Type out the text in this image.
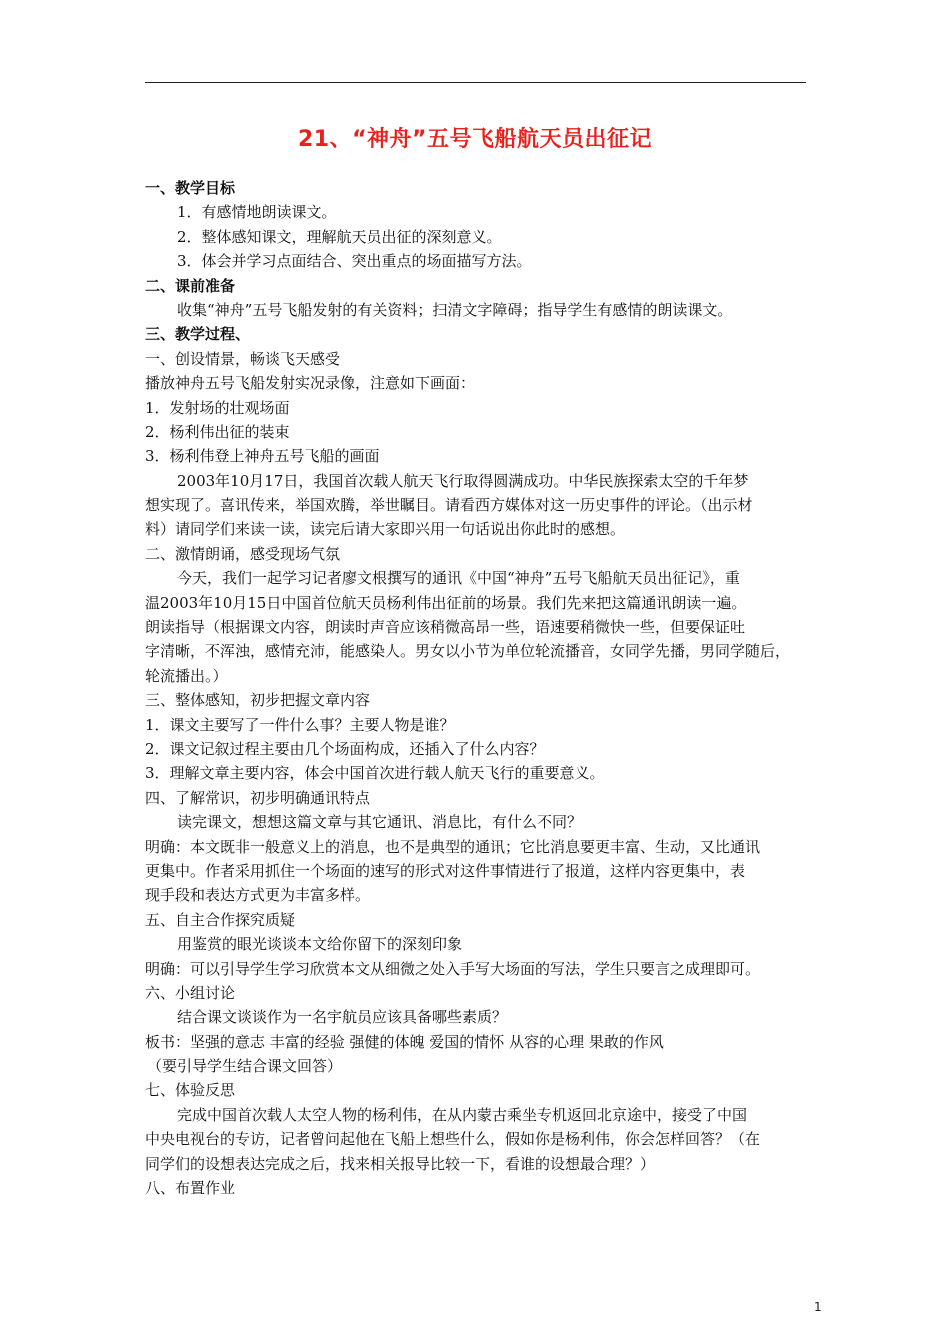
21、“神舟”五号飞船航天员出征记
一、教学目标
1．有感情地朗读课文。
2．整体感知课文，理解航天员出征的深刻意义。
3．体会并学习点面结合、突出重点的场面描写方法。
二、课前准备
收集“神舟”五号飞船发射的有关资料；扫清文字障碍；指导学生有感情的朗读课文。
三、教学过程、
一、创设情景，畅谈飞天感受
播放神舟五号飞船发射实况录像，注意如下画面：
1．发射场的壮观场面
2．杨利伟出征的装束
3．杨利伟登上神舟五号飞船的画面
2003年10月17日，我国首次载人航天飞行取得圆满成功。中华民族探索太空的千年梦
想实现了。喜讯传来，举国欢腾，举世瞩目。请看西方媒体对这一历史事件的评论。（出示材
料）请同学们来读一读，读完后请大家即兴用一句话说出你此时的感想。
二、激情朗诵，感受现场气氛
今天，我们一起学习记者廖文根撰写的通讯《中国“神舟”五号飞船航天员出征记》，重
温2003年10月15日中国首位航天员杨利伟出征前的场景。我们先来把这篇通讯朗读一遍。
朗读指导（根据课文内容，朗读时声音应该稍微高昂一些，语速要稍微快一些，但要保证吐
字清晰，不浑浊，感情充沛，能感染人。男女以小节为单位轮流播音，女同学先播，男同学随后，
轮流播出。）
三、整体感知，初步把握文章内容
1．课文主要写了一件什么事？主要人物是谁？
2．课文记叙过程主要由几个场面构成，还插入了什么内容？
3．理解文章主要内容，体会中国首次进行载人航天飞行的重要意义。
四、了解常识，初步明确通讯特点
读完课文，想想这篇文章与其它通讯、消息比，有什么不同？
明确：本文既非一般意义上的消息，也不是典型的通讯；它比消息要更丰富、生动，又比通讯
更集中。作者采用抓住一个场面的速写的形式对这件事情进行了报道，这样内容更集中，表
现手段和表达方式更为丰富多样。
五、自主合作探究质疑
用鉴赏的眼光谈谈本文给你留下的深刻印象
明确：可以引导学生学习欣赏本文从细微之处入手写大场面的写法，学生只要言之成理即可。
六、小组讨论
结合课文谈谈作为一名宇航员应该具备哪些素质？
板书：坚强的意志 丰富的经验 强健的体魄 爱国的情怀 从容的心理 果敢的作风
（要引导学生结合课文回答）
七、体验反思
完成中国首次载人太空人物的杨利伟，在从内蒙古乘坐专机返回北京途中，接受了中国
中央电视台的专访，记者曾问起他在飞船上想些什么，假如你是杨利伟，你会怎样回答？（在
同学们的设想表达完成之后，找来相关报导比较一下，看谁的设想最合理？）
八、布置作业
1
